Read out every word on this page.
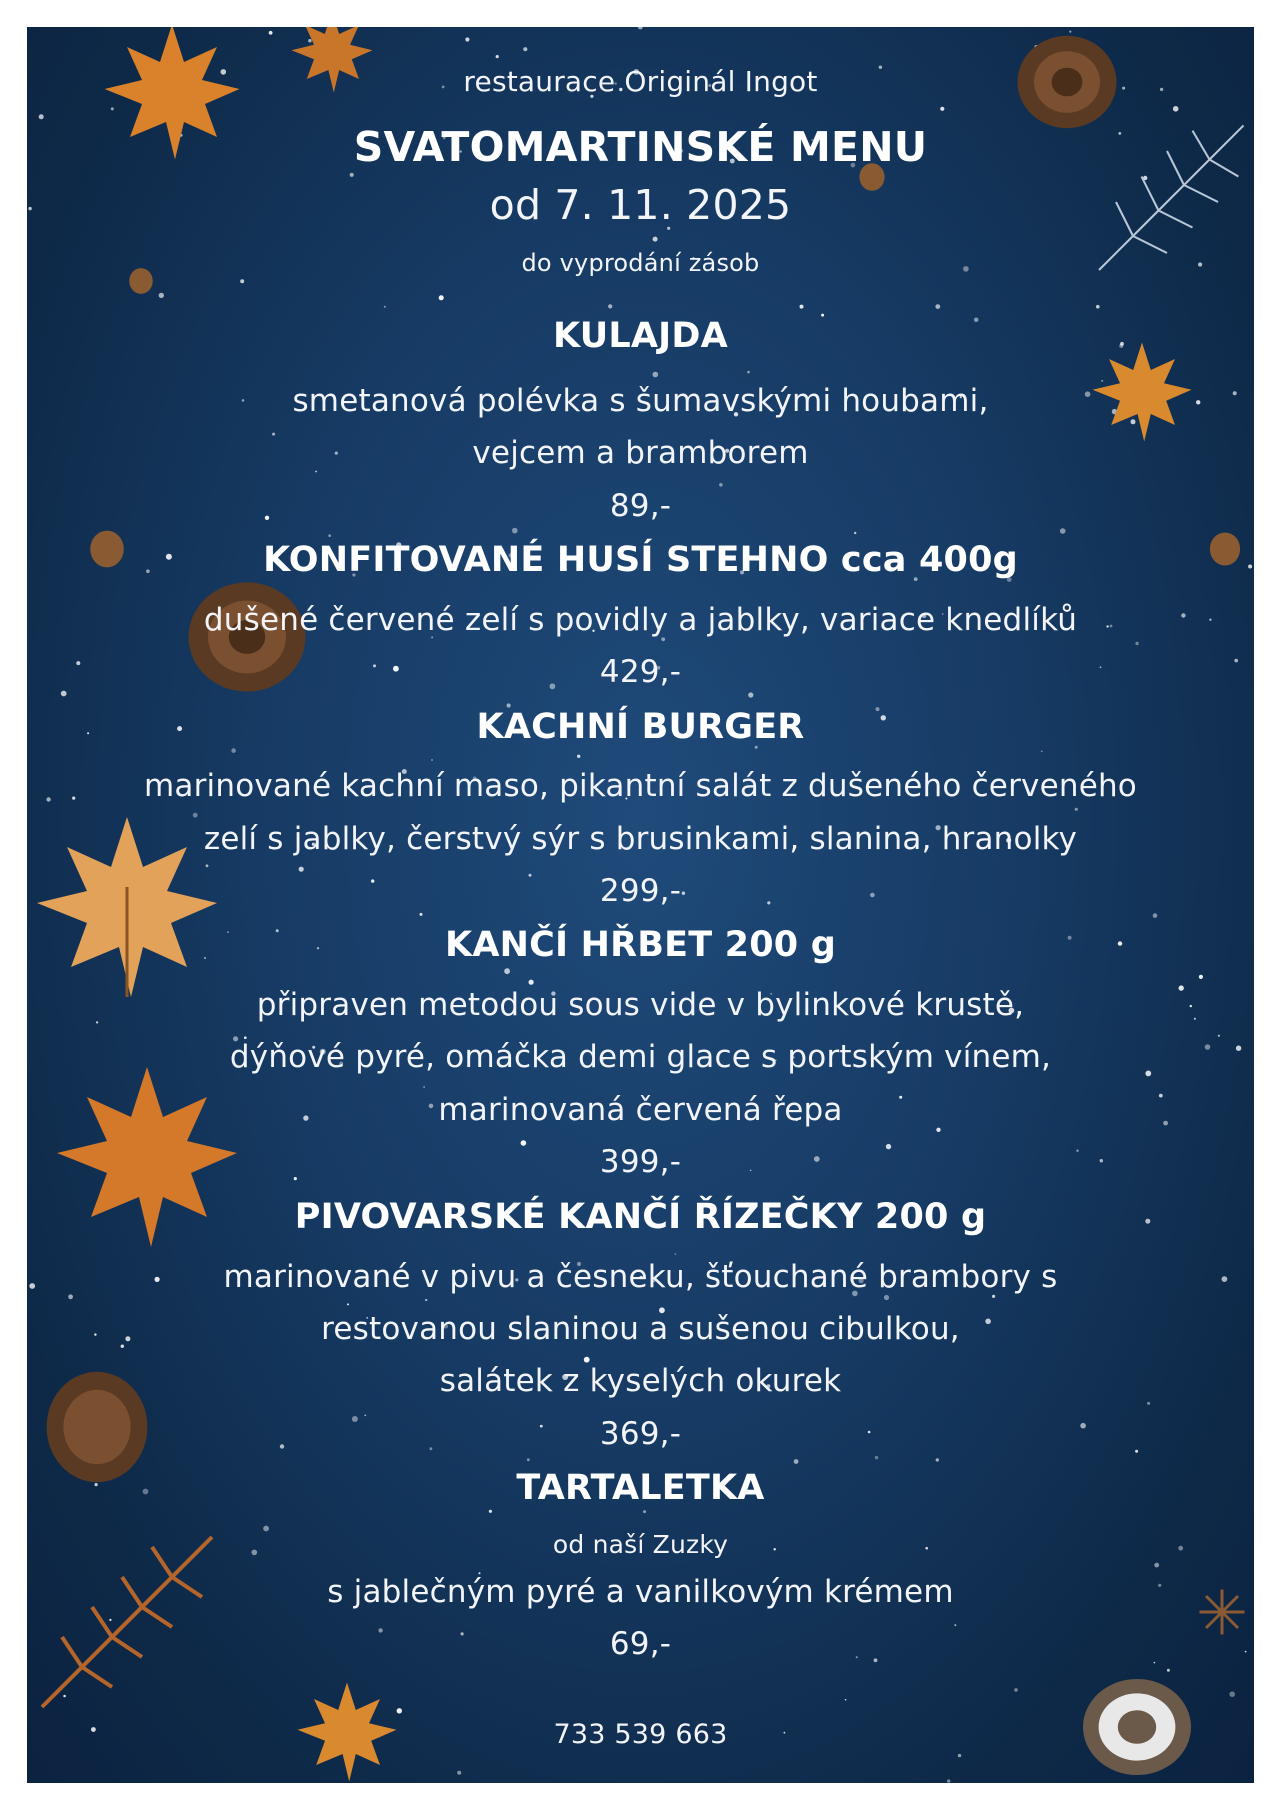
restaurace Originál Ingot
SVATOMARTINSKÉ MENU
od 7. 11. 2025
do vyprodání zásob
KULAJDA
smetanová polévka s šumavskými houbami,
vejcem a bramborem
89,-
KONFITOVANÉ HUSÍ STEHNO cca 400g
dušené červené zelí s povidly a jablky, variace knedlíků
429,-
KACHNÍ BURGER
marinované kachní maso, pikantní salát z dušeného červeného
zelí s jablky, čerstvý sýr s brusinkami, slanina, hranolky
299,-
KANČÍ HŘBET 200 g
připraven metodou sous vide v bylinkové krustě,
dýňové pyré, omáčka demi glace s portským vínem,
marinovaná červená řepa
399,-
PIVOVARSKÉ KANČÍ ŘÍZEČKY 200 g
marinované v pivu a česneku, šťouchané brambory s
restovanou slaninou a sušenou cibulkou,
salátek z kyselých okurek
369,-
TARTALETKA
od naší Zuzky
s jablečným pyré a vanilkovým krémem
69,-
733 539 663
